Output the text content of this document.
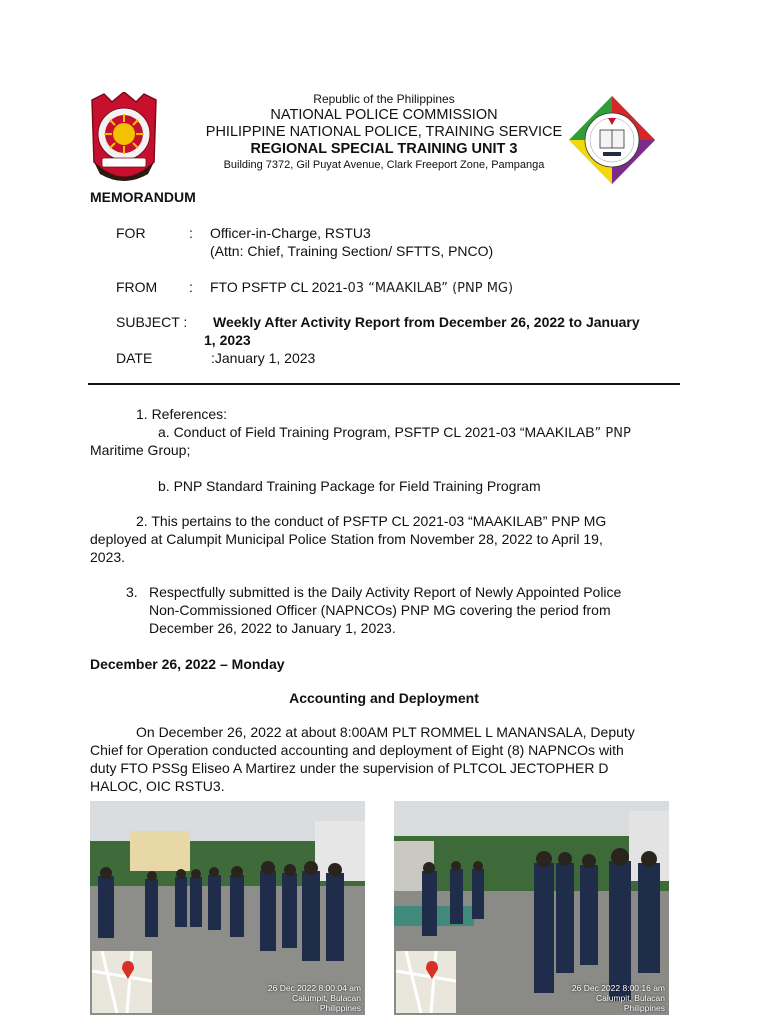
Republic of the Philippines
NATIONAL POLICE COMMISSION
PHILIPPINE NATIONAL POLICE, TRAINING SERVICE
REGIONAL SPECIAL TRAINING UNIT 3
Building 7372, Gil Puyat Avenue, Clark Freeport Zone, Pampanga
MEMORANDUM
FOR	: Officer-in-Charge, RSTU3
(Attn: Chief, Training Section/ SFTTS, PNCO)
FROM : FTO PSFTP CL 2021-03 “MAAKILAB” (PNP MG)
SUBJECT : Weekly After Activity Report from December 26, 2022 to January
1, 2023
DATE	:January 1, 2023
1. References:
a. Conduct of Field Training Program, PSFTP CL 2021-03 “MAAKILAB” PNP
Maritime Group;
b. PNP Standard Training Package for Field Training Program
2. This pertains to the conduct of PSFTP CL 2021-03 “MAAKILAB” PNP MG
deployed at Calumpit Municipal Police Station from November 28, 2022 to April 19,
2023.
3. Respectfully submitted is the Daily Activity Report of Newly Appointed Police
Non-Commissioned Officer (NAPNCOs) PNP MG covering the period from
December 26, 2022 to January 1, 2023.
December 26, 2022 – Monday
Accounting and Deployment
On December 26, 2022 at about 8:00AM PLT ROMMEL L MANANSALA, Deputy
Chief for Operation conducted accounting and deployment of Eight (8) NAPNCOs with
duty FTO PSSg Eliseo A Martirez under the supervision of PLTCOL JECTOPHER D
HALOC, OIC RSTU3.
26 Dec 2022 8:00:04 am
Calumpit, Bulacan
Philippines
26 Dec 2022 8:00:16 am
Calumpit, Bulacan
Philippines
